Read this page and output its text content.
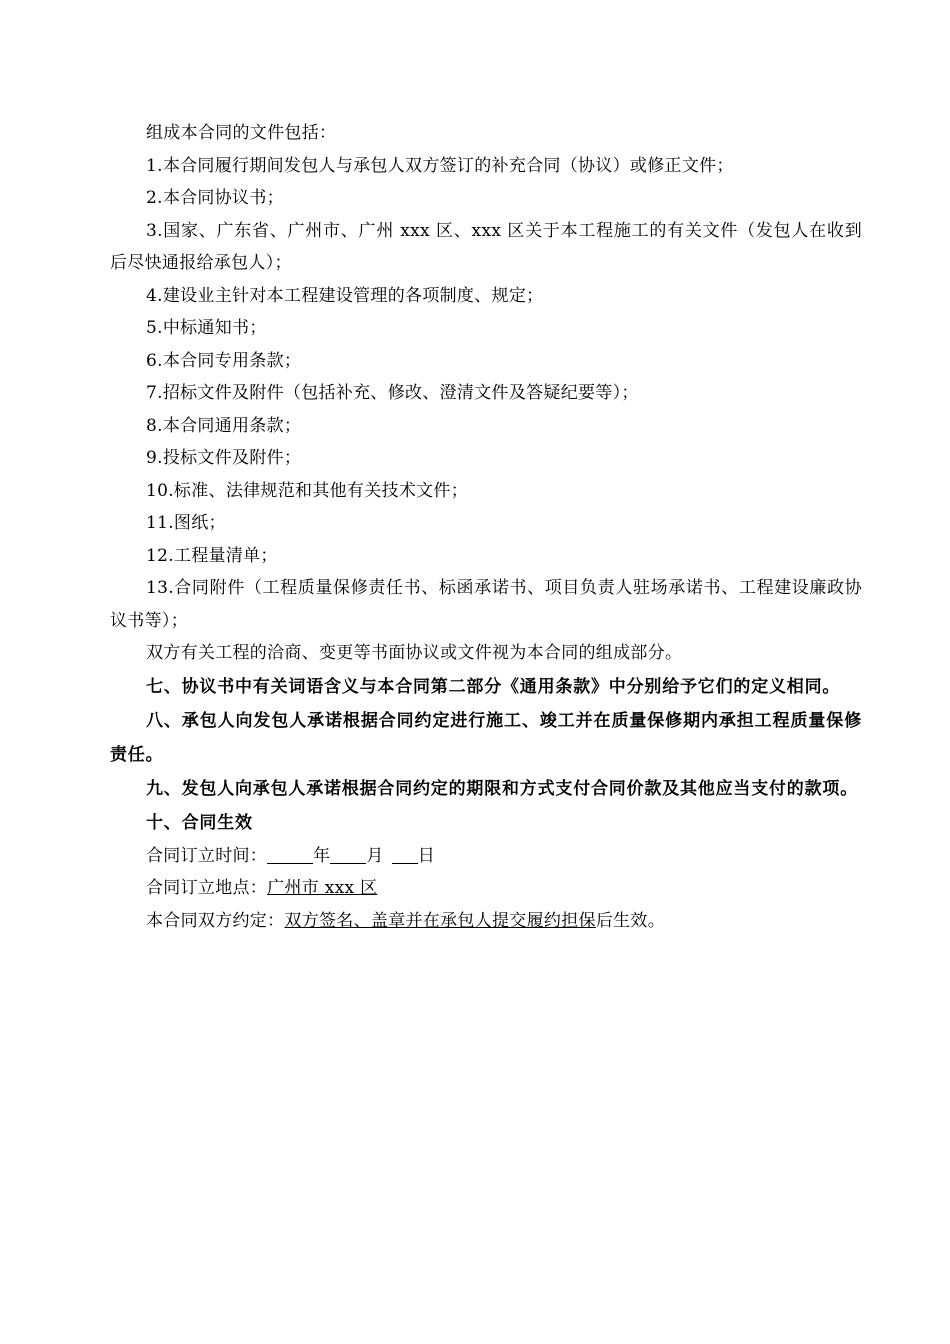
组成本合同的文件包括：

1.本合同履行期间发包人与承包人双方签订的补充合同（协议）或修正文件；

2.本合同协议书；

3.国家、广东省、广州市、广州 xxx 区、xxx 区关于本工程施工的有关文件（发包人在收到后尽快通报给承包人）；

4.建设业主针对本工程建设管理的各项制度、规定；

5.中标通知书；

6.本合同专用条款；

7.招标文件及附件（包括补充、修改、澄清文件及答疑纪要等）；

8.本合同通用条款；

9.投标文件及附件；

10.标准、法律规范和其他有关技术文件；

11.图纸；

12.工程量清单；

13.合同附件（工程质量保修责任书、标函承诺书、项目负责人驻场承诺书、工程建设廉政协议书等）；

双方有关工程的洽商、变更等书面协议或文件视为本合同的组成部分。

七、协议书中有关词语含义与本合同第二部分《通用条款》中分别给予它们的定义相同。

八、承包人向发包人承诺根据合同约定进行施工、竣工并在质量保修期内承担工程质量保修责任。

九、发包人向承包人承诺根据合同约定的期限和方式支付合同价款及其他应当支付的款项。

十、合同生效

合同订立时间：	年 月 日

合同订立地点：广州市 xxx 区

本合同双方约定：双方签名、盖章并在承包人提交履约担保后生效。
